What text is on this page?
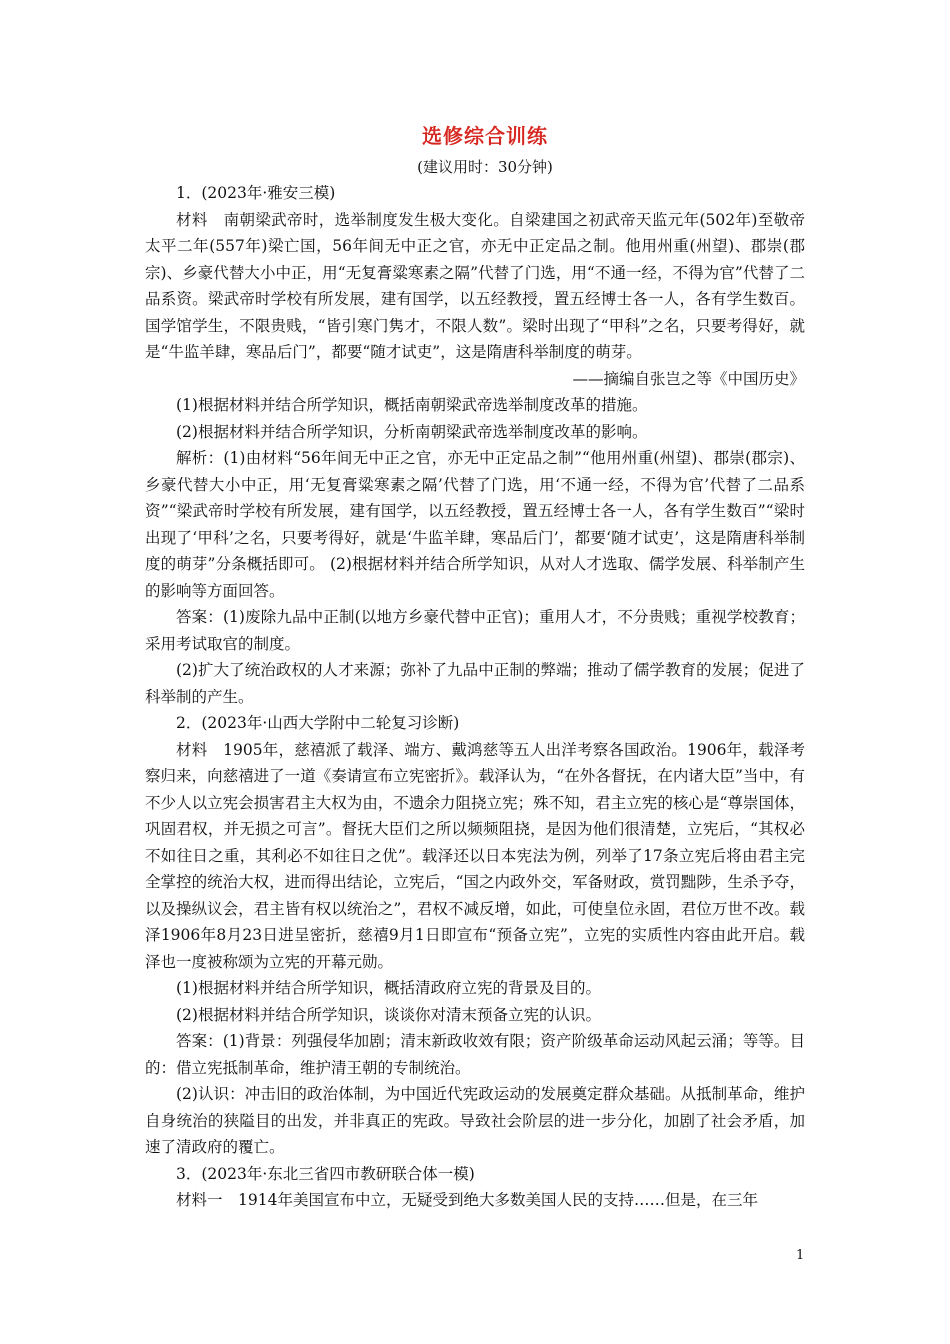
选修综合训练
(建议用时：30分钟)

1．(2023年·雅安三模)

材料　南朝梁武帝时，选举制度发生极大变化。自梁建国之初武帝天监元年(502年)至敬帝太平二年(557年)梁亡国，56年间无中正之官，亦无中正定品之制。他用州重(州望)、郡崇(郡宗)、乡豪代替大小中正，用“无复膏粱寒素之隔”代替了门选，用“不通一经，不得为官”代替了二品系资。梁武帝时学校有所发展，建有国学，以五经教授，置五经博士各一人，各有学生数百。国学馆学生，不限贵贱，“皆引寒门隽才，不限人数”。梁时出现了“甲科”之名，只要考得好，就是“牛监羊肆，寒品后门”，都要“随才试吏”，这是隋唐科举制度的萌芽。

——摘编自张岂之等《中国历史》

(1)根据材料并结合所学知识，概括南朝梁武帝选举制度改革的措施。

(2)根据材料并结合所学知识，分析南朝梁武帝选举制度改革的影响。

解析：(1)由材料“56年间无中正之官，亦无中正定品之制”“他用州重(州望)、郡崇(郡宗)、乡豪代替大小中正，用‘无复膏粱寒素之隔’代替了门选，用‘不通一经，不得为官’代替了二品系资”“梁武帝时学校有所发展，建有国学，以五经教授，置五经博士各一人，各有学生数百”“梁时出现了‘甲科’之名，只要考得好，就是‘牛监羊肆，寒品后门’，都要‘随才试吏’，这是隋唐科举制度的萌芽”分条概括即可。 (2)根据材料并结合所学知识，从对人才选取、儒学发展、科举制产生的影响等方面回答。

答案：(1)废除九品中正制(以地方乡豪代替中正官)；重用人才，不分贵贱；重视学校教育；采用考试取官的制度。

(2)扩大了统治政权的人才来源；弥补了九品中正制的弊端；推动了儒学教育的发展；促进了科举制的产生。

2．(2023年·山西大学附中二轮复习诊断)

材料　1905年，慈禧派了载泽、端方、戴鸿慈等五人出洋考察各国政治。1906年，载泽考察归来，向慈禧进了一道《奏请宣布立宪密折》。载泽认为，“在外各督抚，在内诸大臣”当中，有不少人以立宪会损害君主大权为由，不遗余力阻挠立宪；殊不知，君主立宪的核心是“尊崇国体，巩固君权，并无损之可言”。督抚大臣们之所以频频阻挠，是因为他们很清楚，立宪后，“其权必不如往日之重，其利必不如往日之优”。载泽还以日本宪法为例，列举了17条立宪后将由君主完全掌控的统治大权，进而得出结论，立宪后，“国之内政外交，军备财政，赏罚黜陟，生杀予夺，以及操纵议会，君主皆有权以统治之”，君权不减反增，如此，可使皇位永固，君位万世不改。载泽1906年8月23日进呈密折，慈禧9月1日即宣布“预备立宪”，立宪的实质性内容由此开启。载泽也一度被称颂为立宪的开幕元勋。

(1)根据材料并结合所学知识，概括清政府立宪的背景及目的。

(2)根据材料并结合所学知识，谈谈你对清末预备立宪的认识。

答案：(1)背景：列强侵华加剧；清末新政收效有限；资产阶级革命运动风起云涌；等等。目的：借立宪抵制革命，维护清王朝的专制统治。

(2)认识：冲击旧的政治体制，为中国近代宪政运动的发展奠定群众基础。从抵制革命，维护自身统治的狭隘目的出发，并非真正的宪政。导致社会阶层的进一步分化，加剧了社会矛盾，加速了清政府的覆亡。

3．(2023年·东北三省四市教研联合体一模)

材料一　1914年美国宣布中立，无疑受到绝大多数美国人民的支持……但是，在三年

1
